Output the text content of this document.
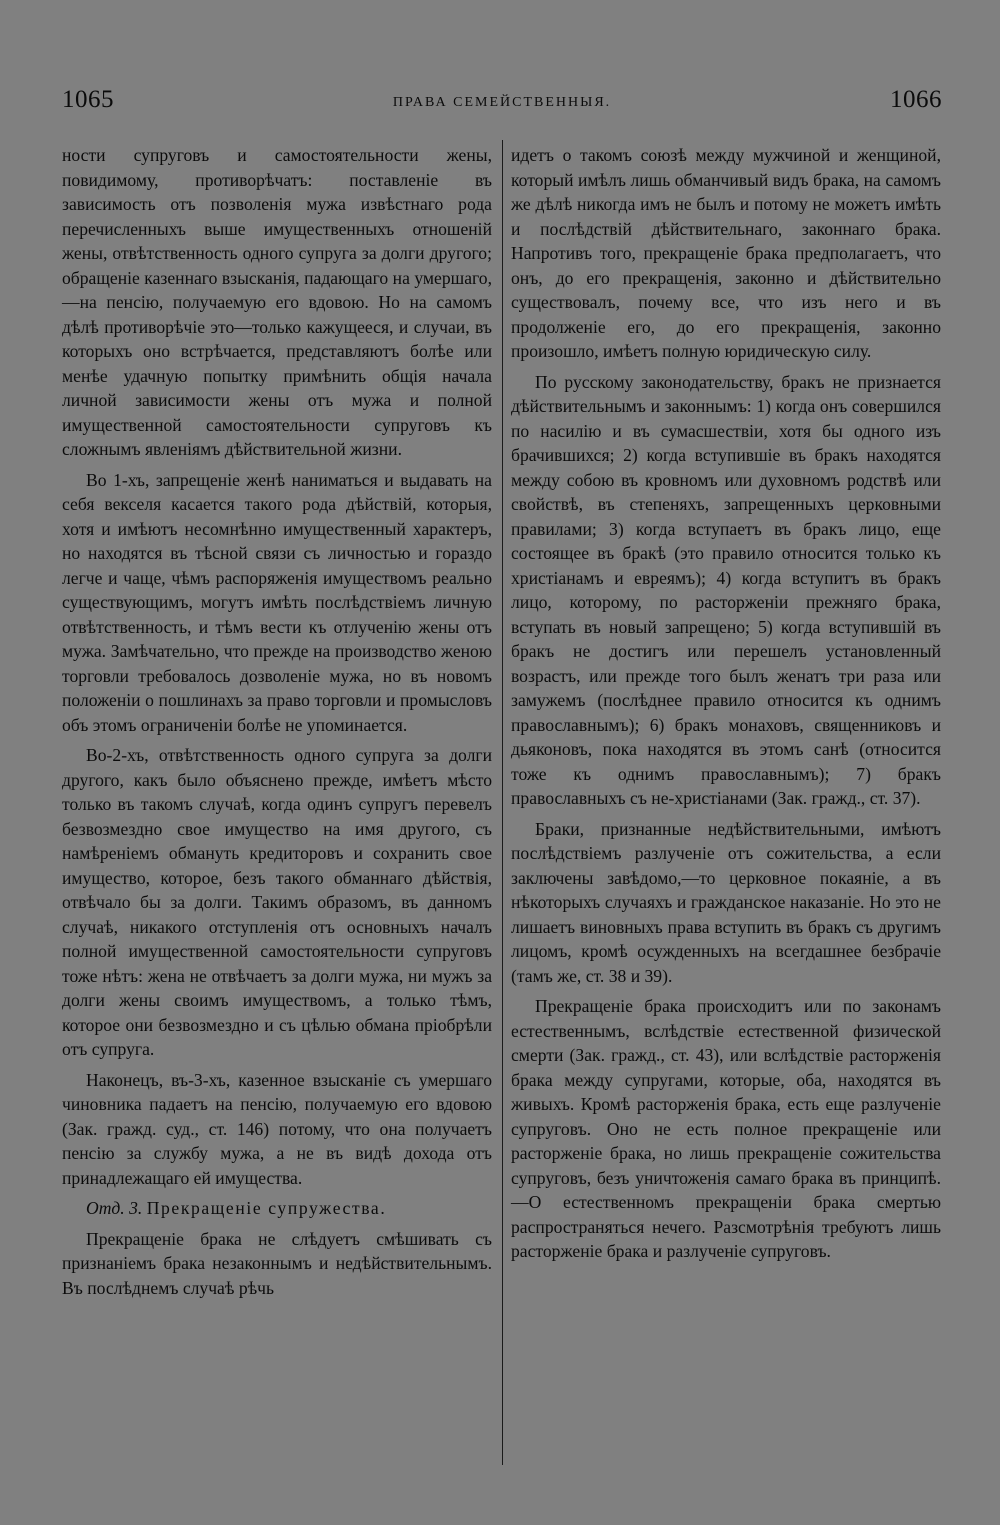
1065	ПРАВА СЕМЕЙСТВЕННЫЯ.	1066

ности супруговъ и самостоятельности жены, повидимому, противорѣчатъ: поставленіе въ зависимость отъ позволенія мужа извѣстнаго рода перечисленныхъ выше имущественныхъ отношеній жены, отвѣтственность одного супруга за долги другого; обращеніе казеннаго взысканія, падающаго на умершаго,—на пенсію, получаемую его вдовою. Но на самомъ дѣлѣ противорѣчіе это—только кажущееся, и случаи, въ которыхъ оно встрѣчается, представляютъ болѣе или менѣе удачную попытку примѣнить общія начала личной зависимости жены отъ мужа и полной имущественной самостоятельности супруговъ къ сложнымъ явленіямъ дѣйствительной жизни.

Во 1-хъ, запрещеніе женѣ наниматься и выдавать на себя векселя касается такого рода дѣйствій, которыя, хотя и имѣютъ несомнѣнно имущественный характеръ, но находятся въ тѣсной связи съ личностью и гораздо легче и чаще, чѣмъ распоряженія имуществомъ реально существующимъ, могутъ имѣть послѣдствіемъ личную отвѣтственность, и тѣмъ вести къ отлученію жены отъ мужа. Замѣчательно, что прежде на производство женою торговли требовалось дозволеніе мужа, но въ новомъ положеніи о пошлинахъ за право торговли и промысловъ объ этомъ ограниченіи болѣе не упоминается.

Во-2-хъ, отвѣтственность одного супруга за долги другого, какъ было объяснено прежде, имѣетъ мѣсто только въ такомъ случаѣ, когда одинъ супругъ перевелъ безвозмездно свое имущество на имя другого, съ намѣреніемъ обмануть кредиторовъ и сохранить свое имущество, которое, безъ такого обманнаго дѣйствія, отвѣчало бы за долги. Такимъ образомъ, въ данномъ случаѣ, никакого отступленія отъ основныхъ началъ полной имущественной самостоятельности супруговъ тоже нѣтъ: жена не отвѣчаетъ за долги мужа, ни мужъ за долги жены своимъ имуществомъ, а только тѣмъ, которое они безвозмездно и съ цѣлью обмана пріобрѣли отъ супруга.

Наконецъ, въ-3-хъ, казенное взысканіе съ умершаго чиновника падаетъ на пенсію, получаемую его вдовою (Зак. гражд. суд., ст. 146) потому, что она получаетъ пенсію за службу мужа, а не въ видѣ дохода отъ принадлежащаго ей имущества.

Отд. 3. Прекращеніе супружества.

Прекращеніе брака не слѣдуетъ смѣшивать съ признаніемъ брака незаконнымъ и недѣйствительнымъ. Въ послѣднемъ случаѣ рѣчь

идетъ о такомъ союзѣ между мужчиной и женщиной, который имѣлъ лишь обманчивый видъ брака, на самомъ же дѣлѣ никогда имъ не былъ и потому не можетъ имѣть и послѣдствій дѣйствительнаго, законнаго брака. Напротивъ того, прекращеніе брака предполагаетъ, что онъ, до его прекращенія, законно и дѣйствительно существовалъ, почему все, что изъ него и въ продолженіе его, до его прекращенія, законно произошло, имѣетъ полную юридическую силу.

По русскому законодательству, бракъ не признается дѣйствительнымъ и законнымъ: 1) когда онъ совершился по насилію и въ сумасшествіи, хотя бы одного изъ брачившихся; 2) когда вступившіе въ бракъ находятся между собою въ кровномъ или духовномъ родствѣ или свойствѣ, въ степеняхъ, запрещенныхъ церковными правилами; 3) когда вступаетъ въ бракъ лицо, еще состоящее въ бракѣ (это правило относится только къ христіанамъ и евреямъ); 4) когда вступитъ въ бракъ лицо, которому, по расторженіи прежняго брака, вступать въ новый запрещено; 5) когда вступившій въ бракъ не достигъ или перешелъ установленный возрастъ, или прежде того былъ женатъ три раза или замужемъ (послѣднее правило относится къ однимъ православнымъ); 6) бракъ монаховъ, священниковъ и дьяконовъ, пока находятся въ этомъ санѣ (относится тоже къ однимъ православнымъ); 7) бракъ православныхъ съ не-христіанами (Зак. гражд., ст. 37).

Браки, признанные недѣйствительными, имѣютъ послѣдствіемъ разлученіе отъ сожительства, а если заключены завѣдомо,—то церковное покаяніе, а въ нѣкоторыхъ случаяхъ и гражданское наказаніе. Но это не лишаетъ виновныхъ права вступить въ бракъ съ другимъ лицомъ, кромѣ осужденныхъ на всегдашнее безбрачіе (тамъ же, ст. 38 и 39).

Прекращеніе брака происходитъ или по законамъ естественнымъ, вслѣдствіе естественной физической смерти (Зак. гражд., ст. 43), или вслѣдствіе расторженія брака между супругами, которые, оба, находятся въ живыхъ. Кромѣ расторженія брака, есть еще разлученіе супруговъ. Оно не есть полное прекращеніе или расторженіе брака, но лишь прекращеніе сожительства супруговъ, безъ уничтоженія самаго брака въ принципѣ.—О естественномъ прекращеніи брака смертью распространяться нечего. Разсмотрѣнія требуютъ лишь расторженіе брака и разлученіе супруговъ.
